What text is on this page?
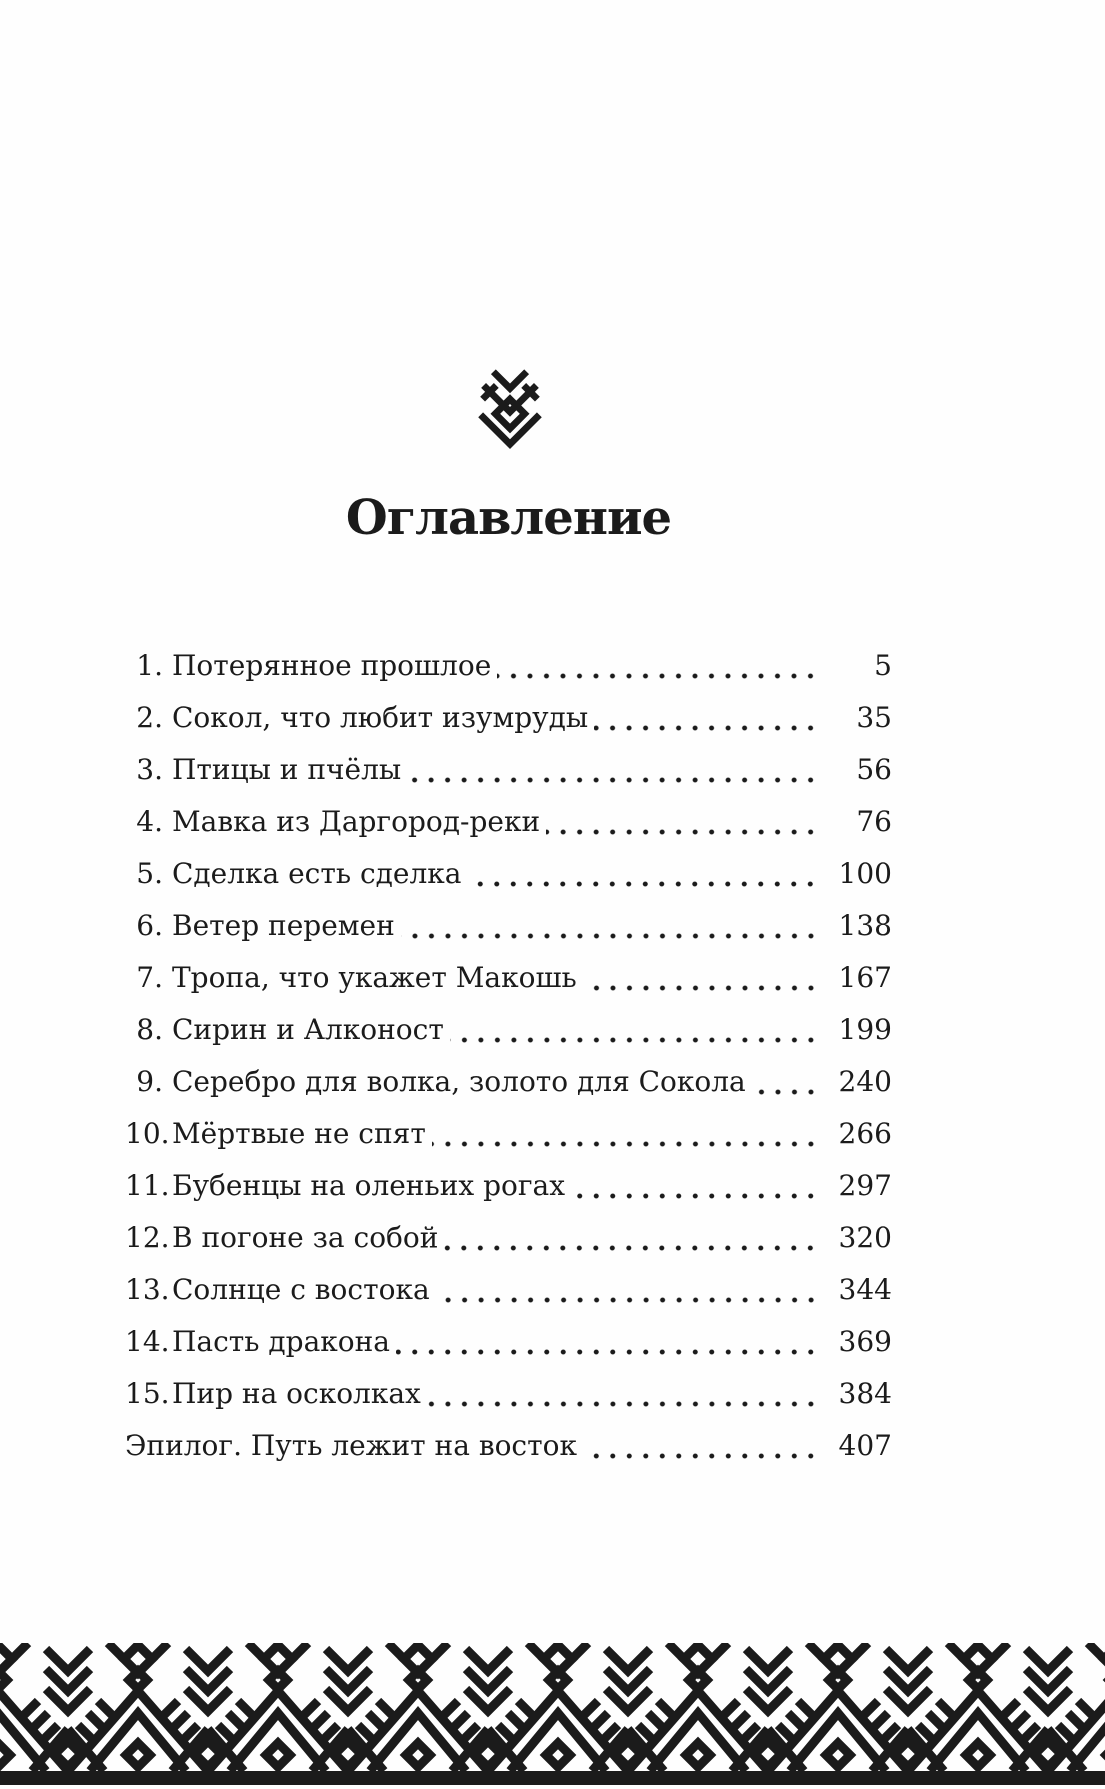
Оглавление
1. Потерянное прошлое	5
2. Сокол, что любит изумруды	35
3. Птицы и пчёлы	56
4. Мавка из Даргород-реки	76
5. Сделка есть сделка	100
6. Ветер перемен	138
7. Тропа, что укажет Макошь	167
8. Сирин и Алконост	199
9. Серебро для волка, золото для Сокола	240
10. Мёртвые не спят	266
11. Бубенцы на оленьих рогах	297
12. В погоне за собой	320
13. Солнце с востока	344
14. Пасть дракона	369
15. Пир на осколках	384
Эпилог. Путь лежит на восток	407
